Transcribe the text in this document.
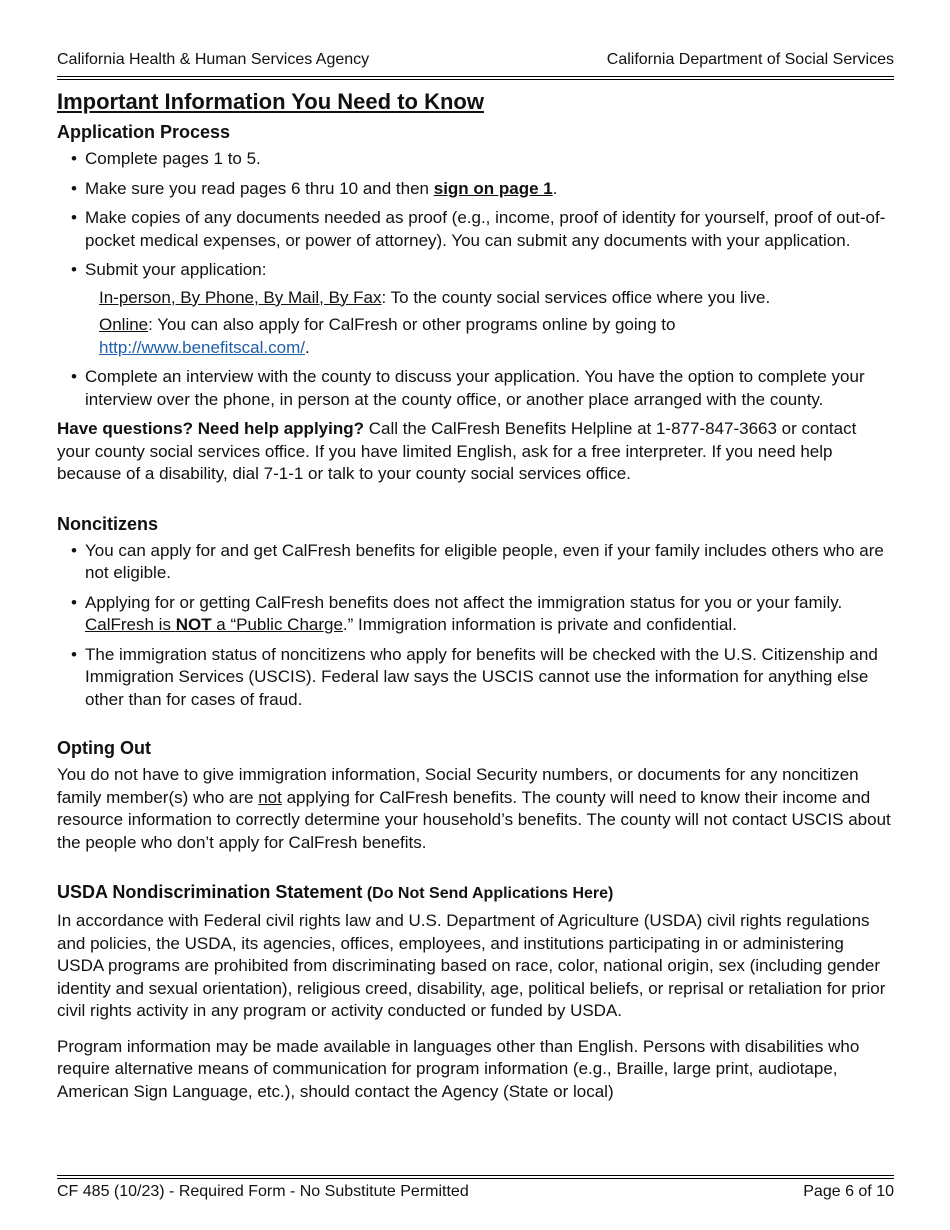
California Health & Human Services Agency	California Department of Social Services
Important Information You Need to Know
Application Process
• Complete pages 1 to 5.
• Make sure you read pages 6 thru 10 and then sign on page 1.
• Make copies of any documents needed as proof (e.g., income, proof of identity for yourself, proof of out-of-pocket medical expenses, or power of attorney). You can submit any documents with your application.
• Submit your application:
In-person, By Phone, By Mail, By Fax: To the county social services office where you live.
Online: You can also apply for CalFresh or other programs online by going to
http://www.benefitscal.com/.
• Complete an interview with the county to discuss your application. You have the option to complete your interview over the phone, in person at the county office, or another place arranged with the county.

Have questions? Need help applying? Call the CalFresh Benefits Helpline at 1-877-847-3663 or contact your county social services office. If you have limited English, ask for a free interpreter. If you need help because of a disability, dial 7-1-1 or talk to your county social services office.

Noncitizens
• You can apply for and get CalFresh benefits for eligible people, even if your family includes others who are not eligible.
• Applying for or getting CalFresh benefits does not affect the immigration status for you or your family. CalFresh is NOT a “Public Charge.” Immigration information is private and confidential.
• The immigration status of noncitizens who apply for benefits will be checked with the U.S. Citizenship and Immigration Services (USCIS). Federal law says the USCIS cannot use the information for anything else other than for cases of fraud.
Opting Out

You do not have to give immigration information, Social Security numbers, or documents for any noncitizen family member(s) who are not applying for CalFresh benefits. The county will need to know their income and resource information to correctly determine your household’s benefits. The county will not contact USCIS about the people who don’t apply for CalFresh benefits.

USDA Nondiscrimination Statement (Do Not Send Applications Here)

In accordance with Federal civil rights law and U.S. Department of Agriculture (USDA) civil rights regulations and policies, the USDA, its agencies, offices, employees, and institutions participating in or administering USDA programs are prohibited from discriminating based on race, color, national origin, sex (including gender identity and sexual orientation), religious creed, disability, age, political beliefs, or reprisal or retaliation for prior civil rights activity in any program or activity conducted or funded by USDA.

Program information may be made available in languages other than English. Persons with disabilities who require alternative means of communication for program information (e.g., Braille, large print, audiotape, American Sign Language, etc.), should contact the Agency (State or local)

CF 485 (10/23) - Required Form - No Substitute Permitted	Page 6 of 10
